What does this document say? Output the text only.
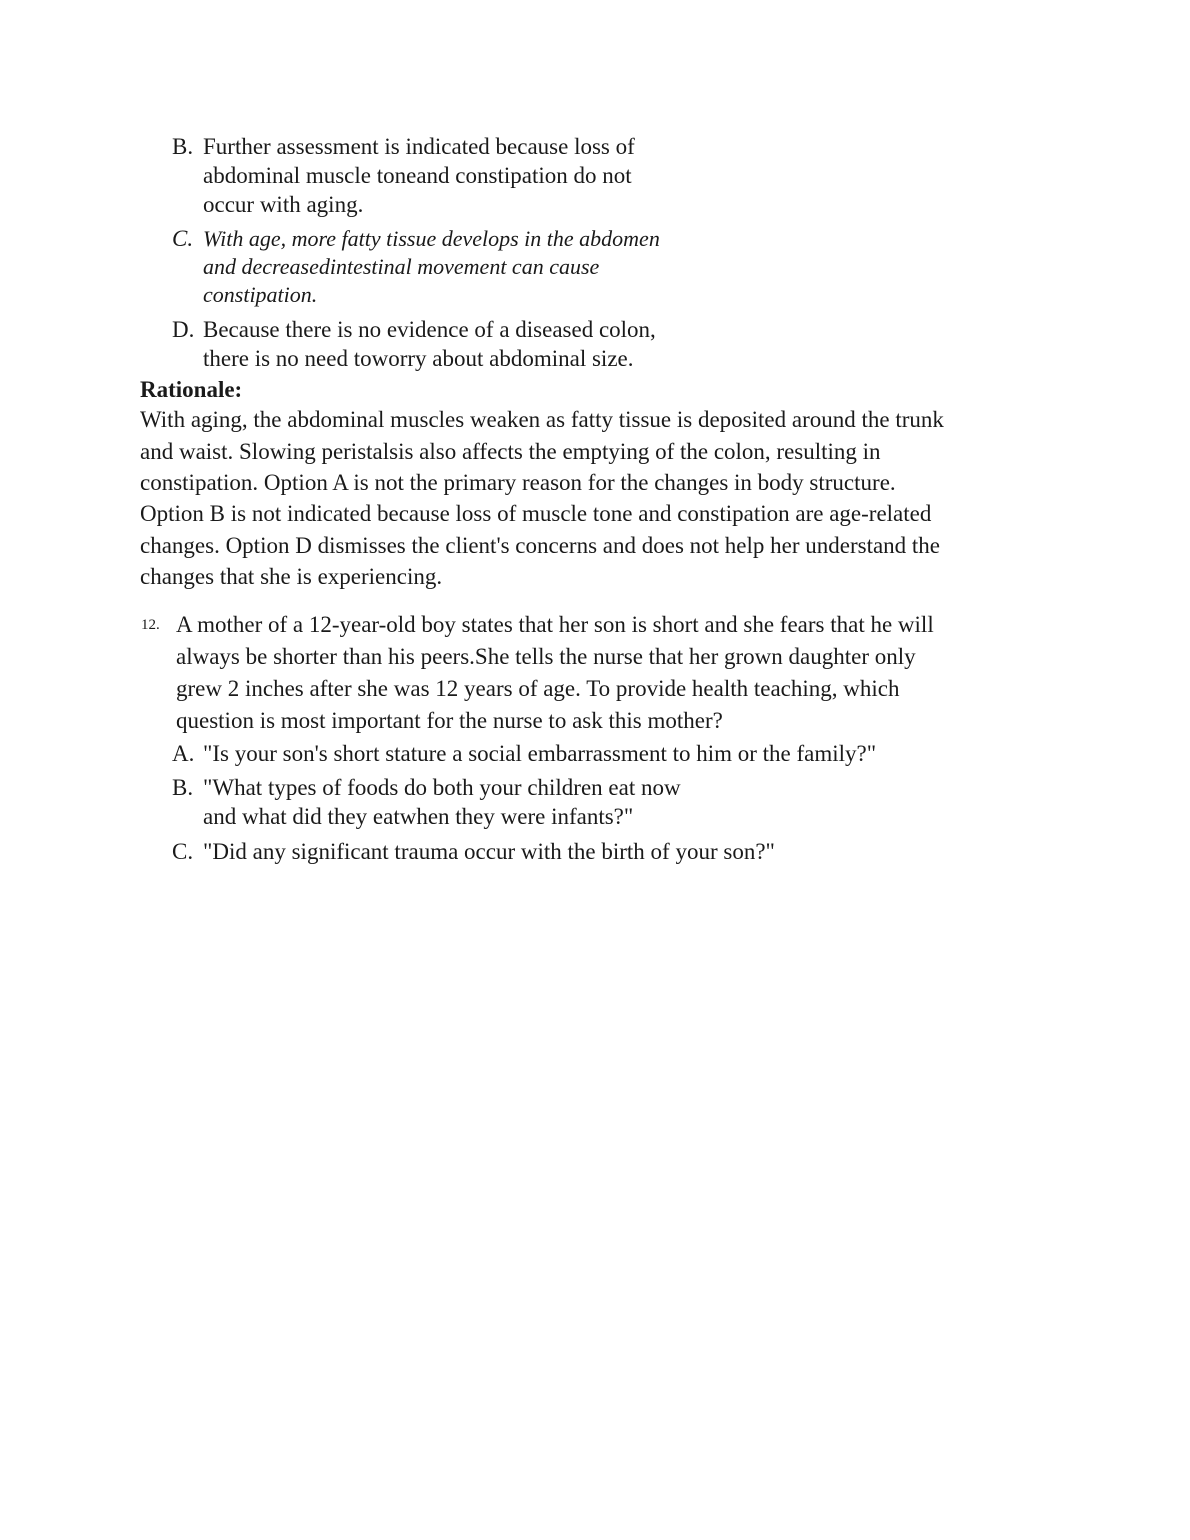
B. Further assessment is indicated because loss of
abdominal muscle toneand constipation do not
occur with aging.
C. With age, more fatty tissue develops in the abdomen
and decreasedintestinal movement can cause
constipation.
D. Because there is no evidence of a diseased colon,
there is no need toworry about abdominal size.
Rationale:
With aging, the abdominal muscles weaken as fatty tissue is deposited around the trunk
and waist. Slowing peristalsis also affects the emptying of the colon, resulting in
constipation. Option A is not the primary reason for the changes in body structure.
Option B is not indicated because loss of muscle tone and constipation are age-related
changes. Option D dismisses the client's concerns and does not help her understand the
changes that she is experiencing.
12. A mother of a 12-year-old boy states that her son is short and she fears that he will
always be shorter than his peers.She tells the nurse that her grown daughter only
grew 2 inches after she was 12 years of age. To provide health teaching, which
question is most important for the nurse to ask this mother?
A. "Is your son's short stature a social embarrassment to him or the family?"
B. "What types of foods do both your children eat now
and what did they eatwhen they were infants?"
C. "Did any significant trauma occur with the birth of your son?"
